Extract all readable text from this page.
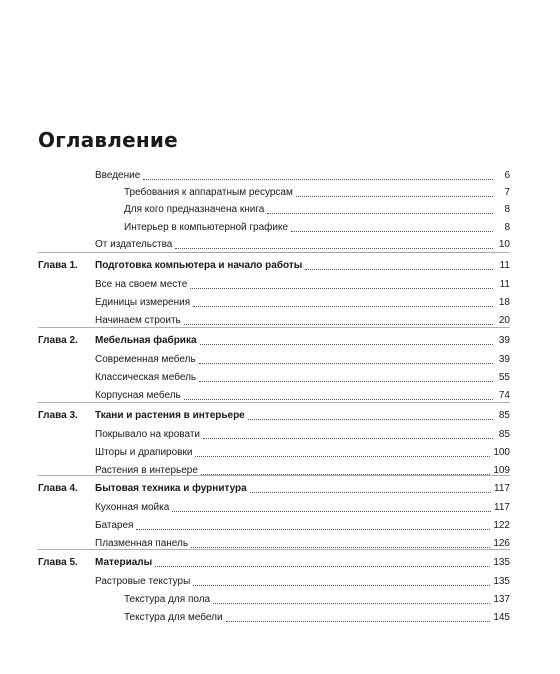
Оглавление
Введение	6
Требования к аппаратным ресурсам	7
Для кого предназначена книга	8
Интерьер в компьютерной графике	8
От издательства	10
Глава 1.	Подготовка компьютера и начало работы	11
Все на своем месте	11
Единицы измерения	18
Начинаем строить	20
Глава 2.	Мебельная фабрика	39
Современная мебель	39
Классическая мебель	55
Корпусная мебель	74
Глава 3.	Ткани и растения в интерьере	85
Покрывало на кровати	85
Шторы и драпировки	100
Растения в интерьере	109
Глава 4.	Бытовая техника и фурнитура	117
Кухонная мойка	117
Батарея	122
Плазменная панель	126
Глава 5.	Материалы	135
Растровые текстуры	135
Текстура для пола	137
Текстура для мебели	145
